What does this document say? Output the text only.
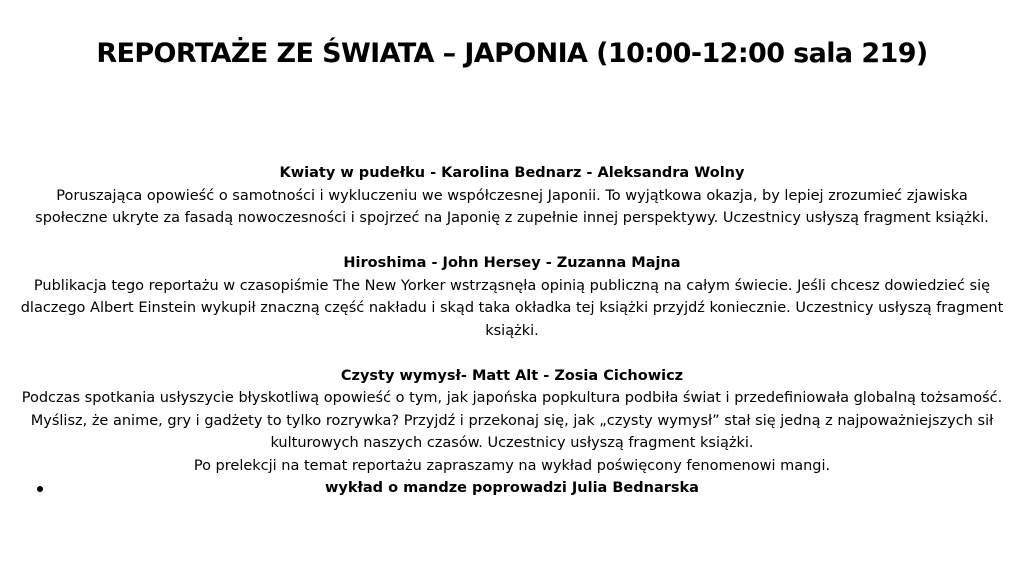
REPORTAŻE ZE ŚWIATA – JAPONIA (10:00-12:00 sala 219)
Kwiaty w pudełku - Karolina Bednarz - Aleksandra Wolny
Poruszająca opowieść o samotności i wykluczeniu we współczesnej Japonii. To wyjątkowa okazja, by lepiej zrozumieć zjawiska społeczne ukryte za fasadą nowoczesności i spojrzeć na Japonię z zupełnie innej perspektywy. Uczestnicy usłyszą fragment książki.
Hiroshima - John Hersey - Zuzanna Majna
Publikacja tego reportażu w czasopiśmie The New Yorker wstrząsnęła opinią publiczną na całym świecie. Jeśli chcesz dowiedzieć się dlaczego Albert Einstein wykupił znaczną część nakładu i skąd taka okładka tej książki przyjdź koniecznie. Uczestnicy usłyszą fragment książki.
Czysty wymysł- Matt Alt - Zosia Cichowicz
Podczas spotkania usłyszycie błyskotliwą opowieść o tym, jak japońska popkultura podbiła świat i przedefiniowała globalną tożsamość. Myślisz, że anime, gry i gadżety to tylko rozrywka? Przyjdź i przekonaj się, jak „czysty wymysł” stał się jedną z najpoważniejszych sił kulturowych naszych czasów. Uczestnicy usłyszą fragment książki.
Po prelekcji na temat reportażu zapraszamy na wykład poświęcony fenomenowi mangi.
wykład o mandze poprowadzi Julia Bednarska
